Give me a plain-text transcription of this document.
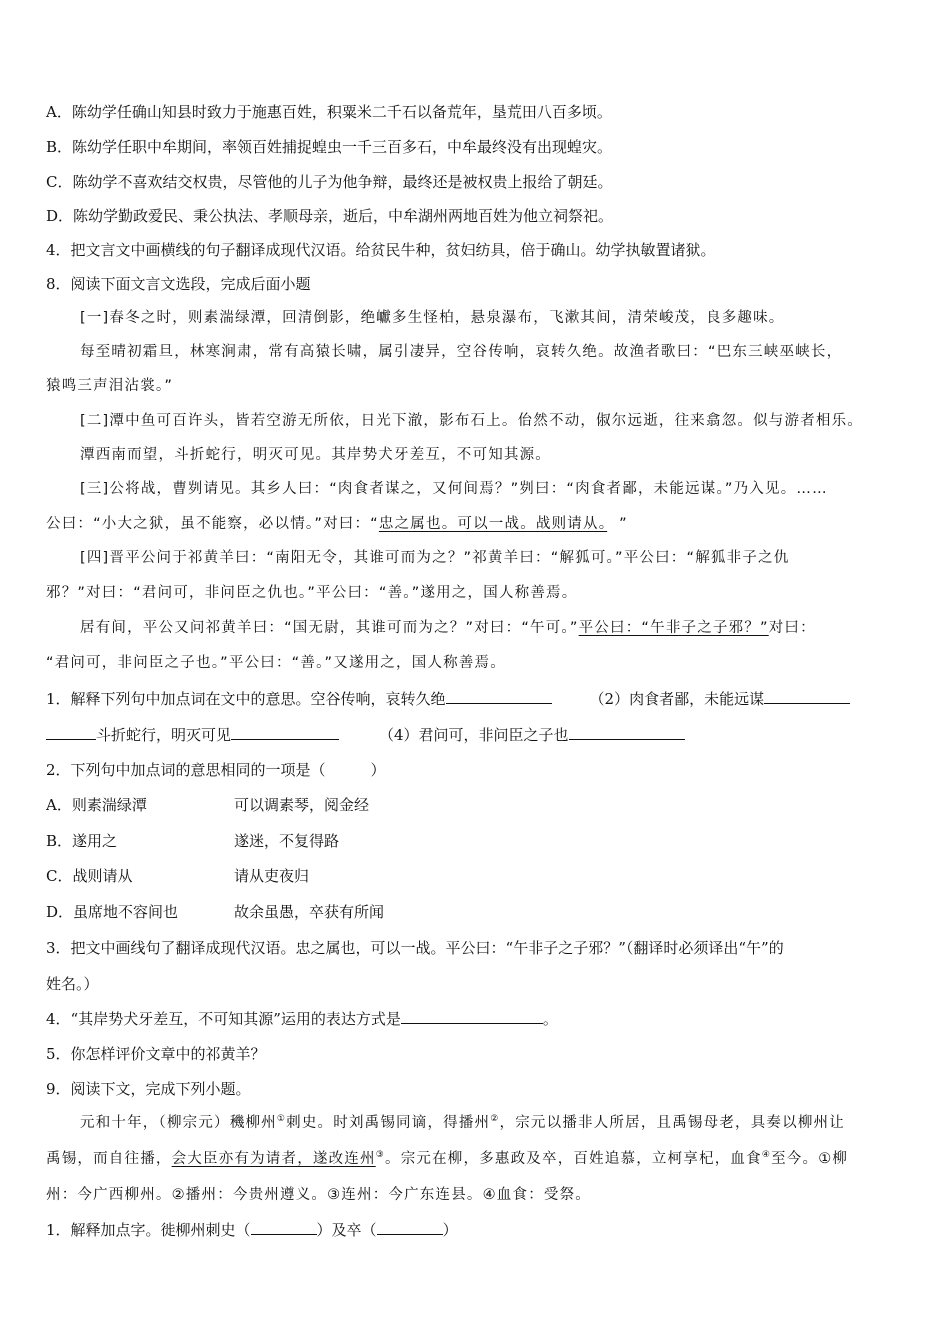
A．陈幼学任确山知县时致力于施惠百姓，积粟米二千石以备荒年，垦荒田八百多顷。
B．陈幼学任职中牟期间，率领百姓捕捉蝗虫一千三百多石，中牟最终没有出现蝗灾。
C．陈幼学不喜欢结交权贵，尽管他的儿子为他争辩，最终还是被权贵上报给了朝廷。
D．陈幼学勤政爱民、秉公执法、孝顺母亲，逝后，中牟湖州两地百姓为他立祠祭祀。
4．把文言文中画横线的句子翻译成现代汉语。给贫民牛种，贫妇纺具，倍于确山。幼学执敏置诸狱。
8．阅读下面文言文选段，完成后面小题
[一]春冬之时，则素湍绿潭，回清倒影，绝巘多生怪柏，悬泉瀑布，飞漱其间，清荣峻茂，良多趣味。
每至晴初霜旦，林寒涧肃，常有高猿长啸，属引凄异，空谷传响，哀转久绝。故渔者歌曰：“巴东三峡巫峡长，
猿鸣三声泪沾裳。”
[二]潭中鱼可百许头，皆若空游无所依，日光下澈，影布石上。佁然不动，俶尔远逝，往来翕忽。似与游者相乐。
潭西南而望，斗折蛇行，明灭可见。其岸势犬牙差互，不可知其源。
[三]公将战，曹刿请见。其乡人曰：“肉食者谋之，又何间焉？”刿曰：“肉食者鄙，未能远谋。”乃入见。……
公曰：“小大之狱，虽不能察，必以情。”对曰：“忠之属也。可以一战。战则请从。 ”
[四]晋平公问于祁黄羊曰：“南阳无令，其谁可而为之？”祁黄羊曰：“解狐可。”平公曰：“解狐非子之仇
邪？”对曰：“君问可，非问臣之仇也。”平公曰：“善。”遂用之，国人称善焉。
居有间，平公又问祁黄羊曰：“国无尉，其谁可而为之？”对曰：“午可。”平公曰：“午非子之子邪？”对曰：
“君问可，非问臣之子也。”平公曰：“善。”又遂用之，国人称善焉。
1．解释下列句中加点词在文中的意思。空谷传响，哀转久绝	（2）肉食者鄙，未能远谋
斗折蛇行，明灭可见	（4）君问可，非问臣之子也
2．下列句中加点词的意思相同的一项是（　　　）
A．则素湍绿潭	可以调素琴，阅金经
B．遂用之	遂迷，不复得路
C．战则请从	请从吏夜归
D．虽席地不容间也	故余虽愚，卒获有所闻
3．把文中画线句了翻译成现代汉语。忠之属也，可以一战。平公曰：“午非子之子邪？”（翻译时必须译出“午”的
姓名。）
4．“其岸势犬牙差互，不可知其源”运用的表达方式是	。
5．你怎样评价文章中的祁黄羊？
9．阅读下文，完成下列小题。
元和十年，（柳宗元）穖柳州①刺史。时刘禹锡同谪，得播州②，宗元以播非人所居，且禹锡母老，具奏以柳州让
禹锡，而自往播，会大臣亦有为请者，遂改连州③。宗元在柳，多惠政及卒，百姓追慕，立柯享杞，血食④至今。①柳
州：今广西柳州。②播州：今贵州遵义。③连州：今广东连县。④血食：受祭。
1．解释加点字。徙柳州刺史（	）及卒（	）
